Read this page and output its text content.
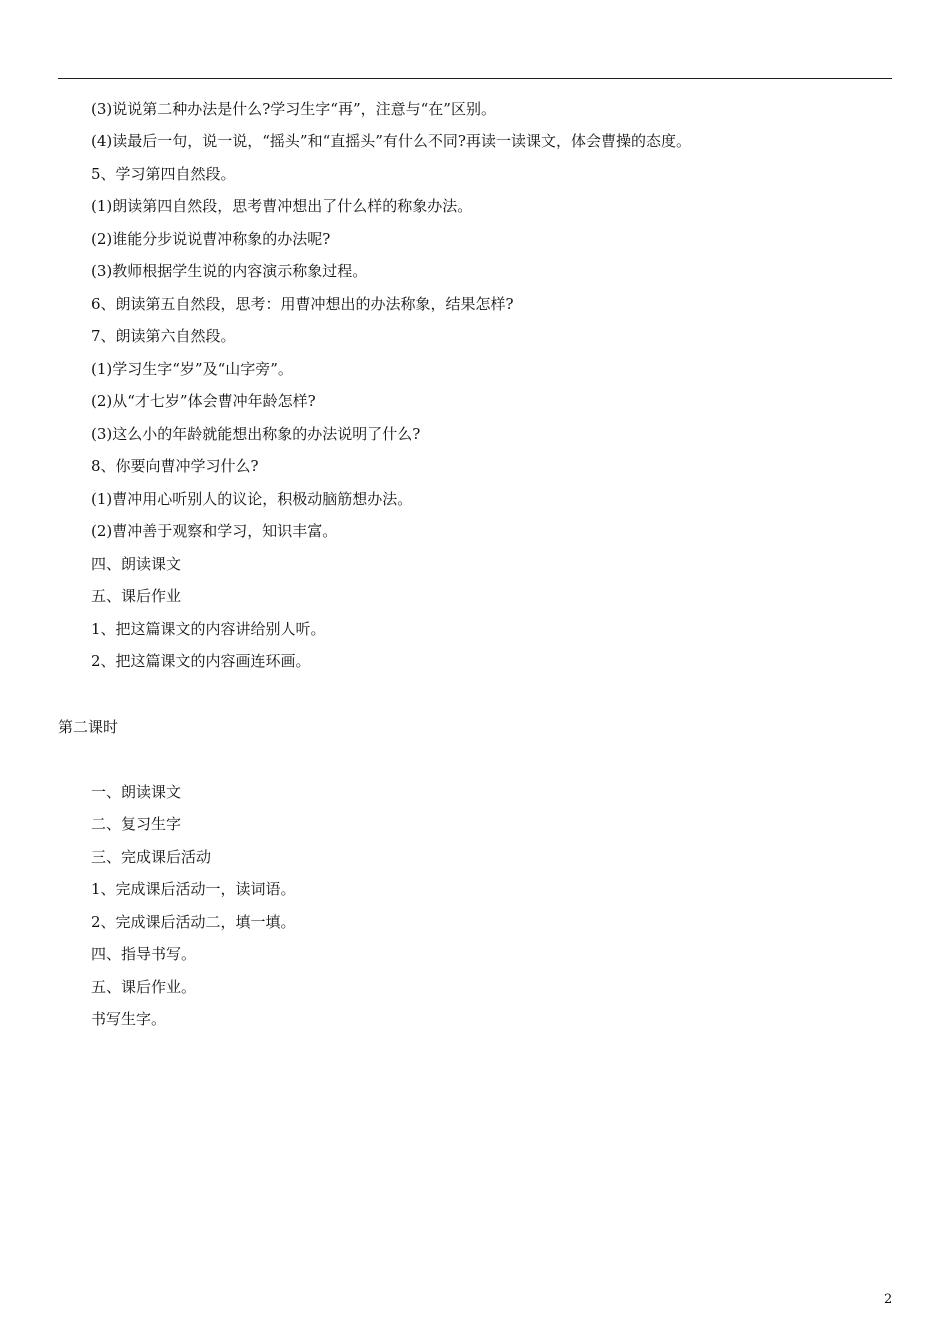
(3)说说第二种办法是什么?学习生字“再”，注意与“在”区别。
(4)读最后一句，说一说，“摇头”和“直摇头”有什么不同?再读一读课文，体会曹操的态度。
5、学习第四自然段。
(1)朗读第四自然段，思考曹冲想出了什么样的称象办法。
(2)谁能分步说说曹冲称象的办法呢?
(3)教师根据学生说的内容演示称象过程。
6、朗读第五自然段，思考：用曹冲想出的办法称象，结果怎样?
7、朗读第六自然段。
(1)学习生字“岁”及“山字旁”。
(2)从“才七岁”体会曹冲年龄怎样?
(3)这么小的年龄就能想出称象的办法说明了什么?
8、你要向曹冲学习什么?
(1)曹冲用心听别人的议论，积极动脑筋想办法。
(2)曹冲善于观察和学习，知识丰富。
四、朗读课文
五、课后作业
1、把这篇课文的内容讲给别人听。
2、把这篇课文的内容画连环画。
第二课时
一、朗读课文
二、复习生字
三、完成课后活动
1、完成课后活动一，读词语。
2、完成课后活动二，填一填。
四、指导书写。
五、课后作业。
书写生字。
2
